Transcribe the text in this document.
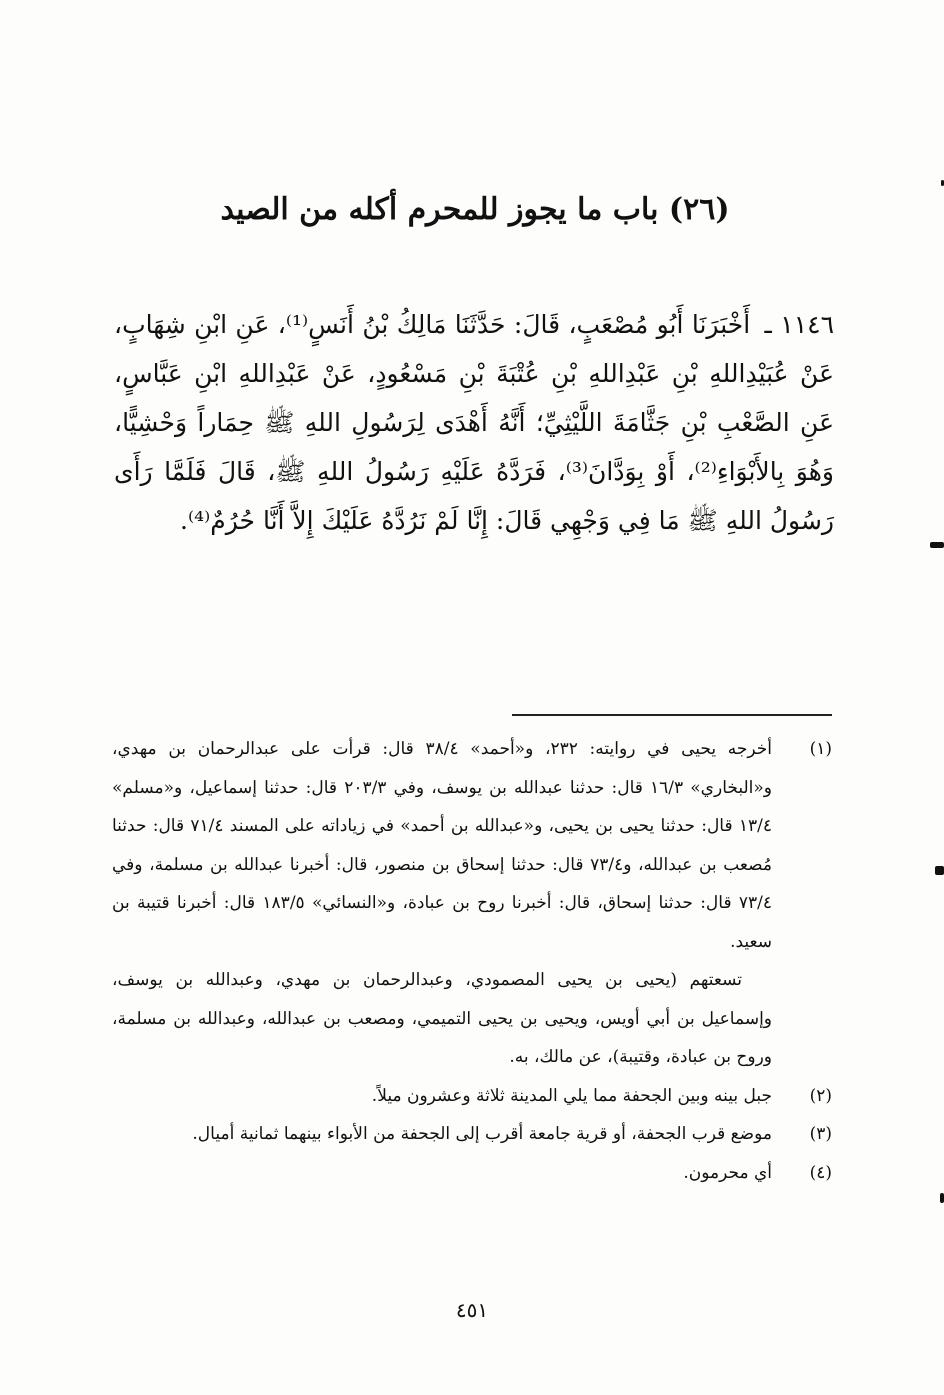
(٢٦) باب ما يجوز للمحرم أكله من الصيد

١١٤٦ ـ أَخْبَرَنَا أَبُو مُصْعَبٍ، قَالَ: حَدَّثَنَا مَالِكُ بْنُ أَنَسٍ⁽¹⁾، عَنِ ابْنِ شِهَابٍ، عَنْ عُبَيْدِاللهِ بْنِ عَبْدِاللهِ بْنِ عُتْبَةَ بْنِ مَسْعُودٍ، عَنْ عَبْدِاللهِ ابْنِ عَبَّاسٍ، عَنِ الصَّعْبِ بْنِ جَثَّامَةَ اللَّيْثِيِّ؛ أَنَّهُ أَهْدَى لِرَسُولِ اللهِ ﷺ حِمَاراً وَحْشِيًّا، وَهُوَ بِالأَبْوَاءِ⁽²⁾، أَوْ بِوَدَّانَ⁽³⁾، فَرَدَّهُ عَلَيْهِ رَسُولُ اللهِ ﷺ، قَالَ فَلَمَّا رَأَى رَسُولُ اللهِ ﷺ مَا فِي وَجْهِي قَالَ: إِنَّا لَمْ نَرُدَّهُ عَلَيْكَ إِلاَّ أَنَّا حُرُمٌ⁽⁴⁾.

(١)
أخرجه يحيى في روايته: ٢٣٢، و«أحمد» ٣٨/٤ قال: قرأت على عبدالرحمان بن مهدي، و«البخاري» ١٦/٣ قال: حدثنا عبدالله بن يوسف، وفي ٢٠٣/٣ قال: حدثنا إسماعيل، و«مسلم» ١٣/٤ قال: حدثنا يحيى بن يحيى، و«عبدالله بن أحمد» في زياداته على المسند ٧١/٤ قال: حدثنا مُصعب بن عبدالله، و٧٣/٤ قال: حدثنا إسحاق بن منصور، قال: أخبرنا عبدالله بن مسلمة، وفي ٧٣/٤ قال: حدثنا إسحاق، قال: أخبرنا روح بن عبادة، و«النسائي» ١٨٣/٥ قال: أخبرنا قتيبة بن سعيد.
تسعتهم (يحيى بن يحيى المصمودي، وعبدالرحمان بن مهدي، وعبدالله بن يوسف، وإسماعيل بن أبي أويس، ويحيى بن يحيى التميمي، ومصعب بن عبدالله، وعبدالله بن مسلمة، وروح بن عبادة، وقتيبة)، عن مالك، به.
(٢)
جبل بينه وبين الجحفة مما يلي المدينة ثلاثة وعشرون ميلاً.
(٣)
موضع قرب الجحفة، أو قرية جامعة أقرب إلى الجحفة من الأبواء بينهما ثمانية أميال.
(٤)
أي محرمون.
٤٥١
